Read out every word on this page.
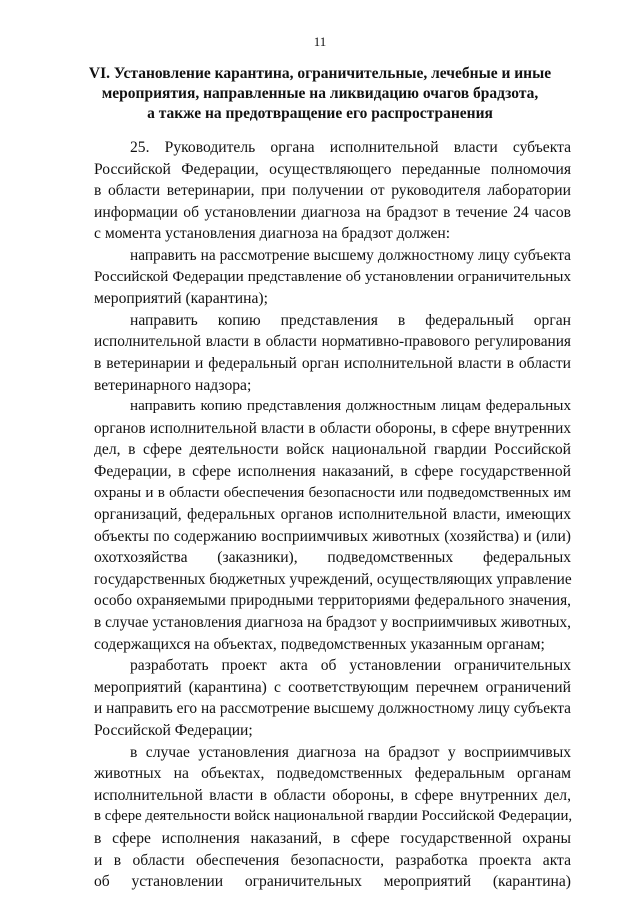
11
VI. Установление карантина, ограничительные, лечебные и иные
мероприятия, направленные на ликвидацию очагов брадзота,
а также на предотвращение его распространения

25. Руководитель органа исполнительной власти субъекта

Российской Федерации, осуществляющего переданные полномочия

в области ветеринарии, при получении от руководителя лаборатории

информации об установлении диагноза на брадзот в течение 24 часов

с момента установления диагноза на брадзот должен:

направить на рассмотрение высшему должностному лицу субъекта

Российской Федерации представление об установлении ограничительных

мероприятий (карантина);

направить копию представления в федеральный орган

исполнительной власти в области нормативно-правового регулирования

в ветеринарии и федеральный орган исполнительной власти в области

ветеринарного надзора;

направить копию представления должностным лицам федеральных

органов исполнительной власти в области обороны, в сфере внутренних

дел, в сфере деятельности войск национальной гвардии Российской

Федерации, в сфере исполнения наказаний, в сфере государственной

охраны и в области обеспечения безопасности или подведомственных им

организаций, федеральных органов исполнительной власти, имеющих

объекты по содержанию восприимчивых животных (хозяйства) и (или)

охотхозяйства (заказники), подведомственных федеральных

государственных бюджетных учреждений, осуществляющих управление

особо охраняемыми природными территориями федерального значения,

в случае установления диагноза на брадзот у восприимчивых животных,

содержащихся на объектах, подведомственных указанным органам;

разработать проект акта об установлении ограничительных

мероприятий (карантина) с соответствующим перечнем ограничений

и направить его на рассмотрение высшему должностному лицу субъекта

Российской Федерации;

в случае установления диагноза на брадзот у восприимчивых

животных на объектах, подведомственных федеральным органам

исполнительной власти в области обороны, в сфере внутренних дел,

в сфере деятельности войск национальной гвардии Российской Федерации,

в сфере исполнения наказаний, в сфере государственной охраны

и в области обеспечения безопасности, разработка проекта акта

об установлении ограничительных мероприятий (карантина)
